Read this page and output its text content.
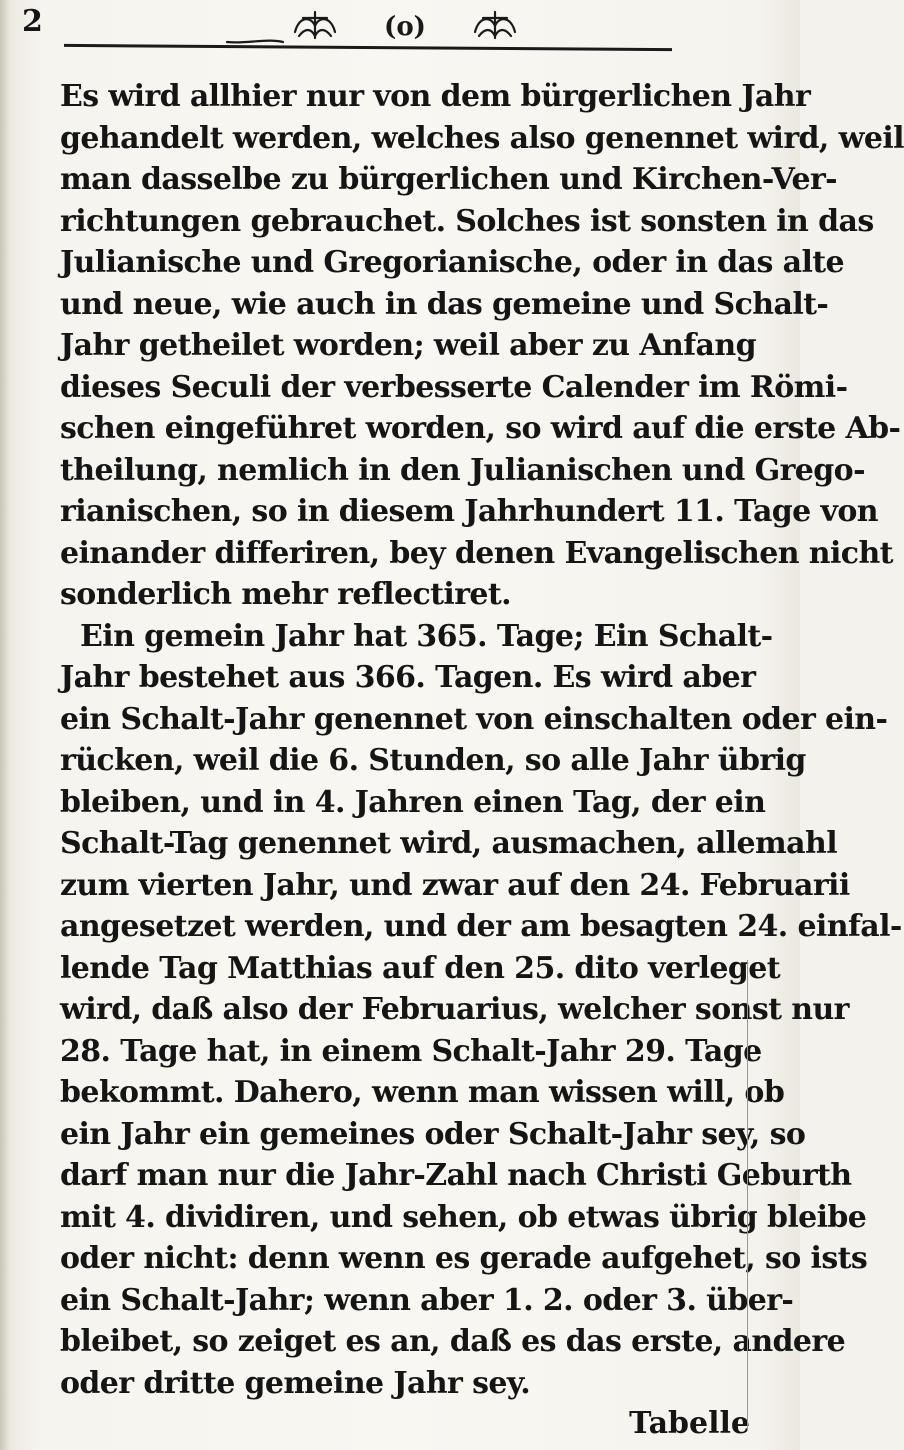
2	(o)
Es wird allhier nur von dem bürgerlichen Jahr
gehandelt werden, welches also genennet wird, weil
man dasselbe zu bürgerlichen und Kirchen-Ver-
richtungen gebrauchet. Solches ist sonsten in das
Julianische und Gregorianische, oder in das alte
und neue, wie auch in das gemeine und Schalt-
Jahr getheilet worden; weil aber zu Anfang
dieses Seculi der verbesserte Calender im Römi-
schen eingeführet worden, so wird auf die erste Ab-
theilung, nemlich in den Julianischen und Grego-
rianischen, so in diesem Jahrhundert 11. Tage von
einander differiren, bey denen Evangelischen nicht
sonderlich mehr reflectiret.
Ein gemein Jahr hat 365. Tage; Ein Schalt-
Jahr bestehet aus 366. Tagen. Es wird aber
ein Schalt-Jahr genennet von einschalten oder ein-
rücken, weil die 6. Stunden, so alle Jahr übrig
bleiben, und in 4. Jahren einen Tag, der ein
Schalt-Tag genennet wird, ausmachen, allemahl
zum vierten Jahr, und zwar auf den 24. Februarii
angesetzet werden, und der am besagten 24. einfal-
lende Tag Matthias auf den 25. dito verleget
wird, daß also der Februarius, welcher sonst nur
28. Tage hat, in einem Schalt-Jahr 29. Tage
bekommt. Dahero, wenn man wissen will, ob
ein Jahr ein gemeines oder Schalt-Jahr sey, so
darf man nur die Jahr-Zahl nach Christi Geburth
mit 4. dividiren, und sehen, ob etwas übrig bleibe
oder nicht: denn wenn es gerade aufgehet, so ists
ein Schalt-Jahr; wenn aber 1. 2. oder 3. über-
bleibet, so zeiget es an, daß es das erste, andere
oder dritte gemeine Jahr sey.
Tabelle
